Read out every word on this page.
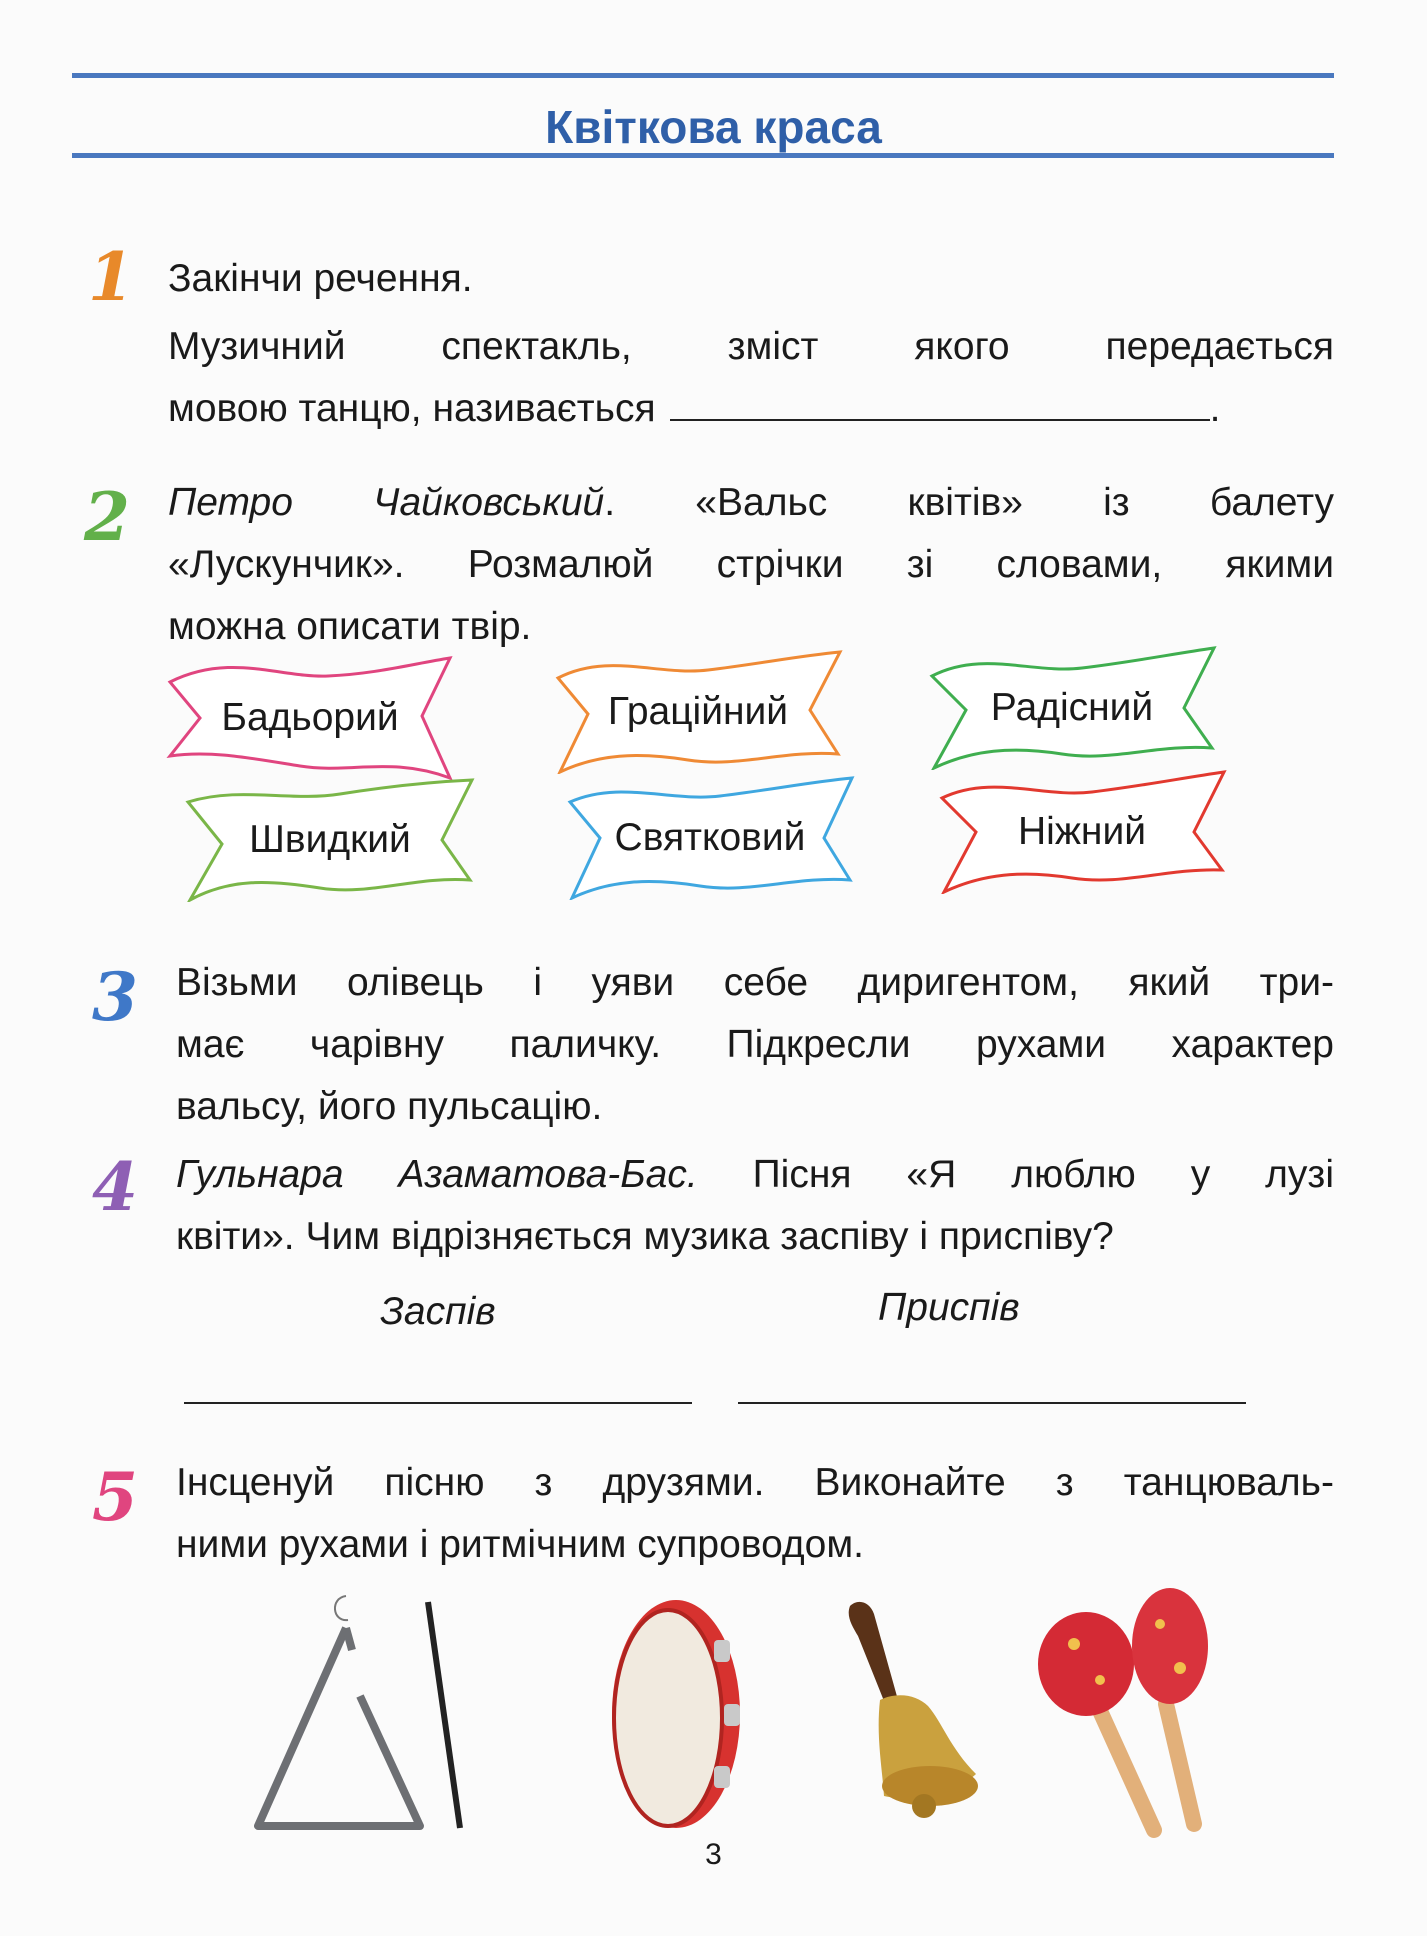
Квіткова краса
1 Закінчи речення.
Музичний спектакль, зміст якого передається
мовою танцю, називається	.
2 Петро Чайковський. «Вальс квітів» із балету
«Лускунчик». Розмалюй стрічки зі словами, якими
можна описати твір.
Бадьорий	Граційний	Радісний
Швидкий	Святковий	Ніжний
3 Візьми олівець і уяви себе диригентом, який три-
має чарівну паличку. Підкресли рухами характер
вальсу, його пульсацію.
4 Гульнара Азаматова-Бас. Пісня «Я люблю у лузі
квіти». Чим відрізняється музика заспіву і приспіву?
Заспів	Приспів
5 Інсценуй пісню з друзями. Виконайте з танцюваль-
ними рухами і ритмічним супроводом.
3
